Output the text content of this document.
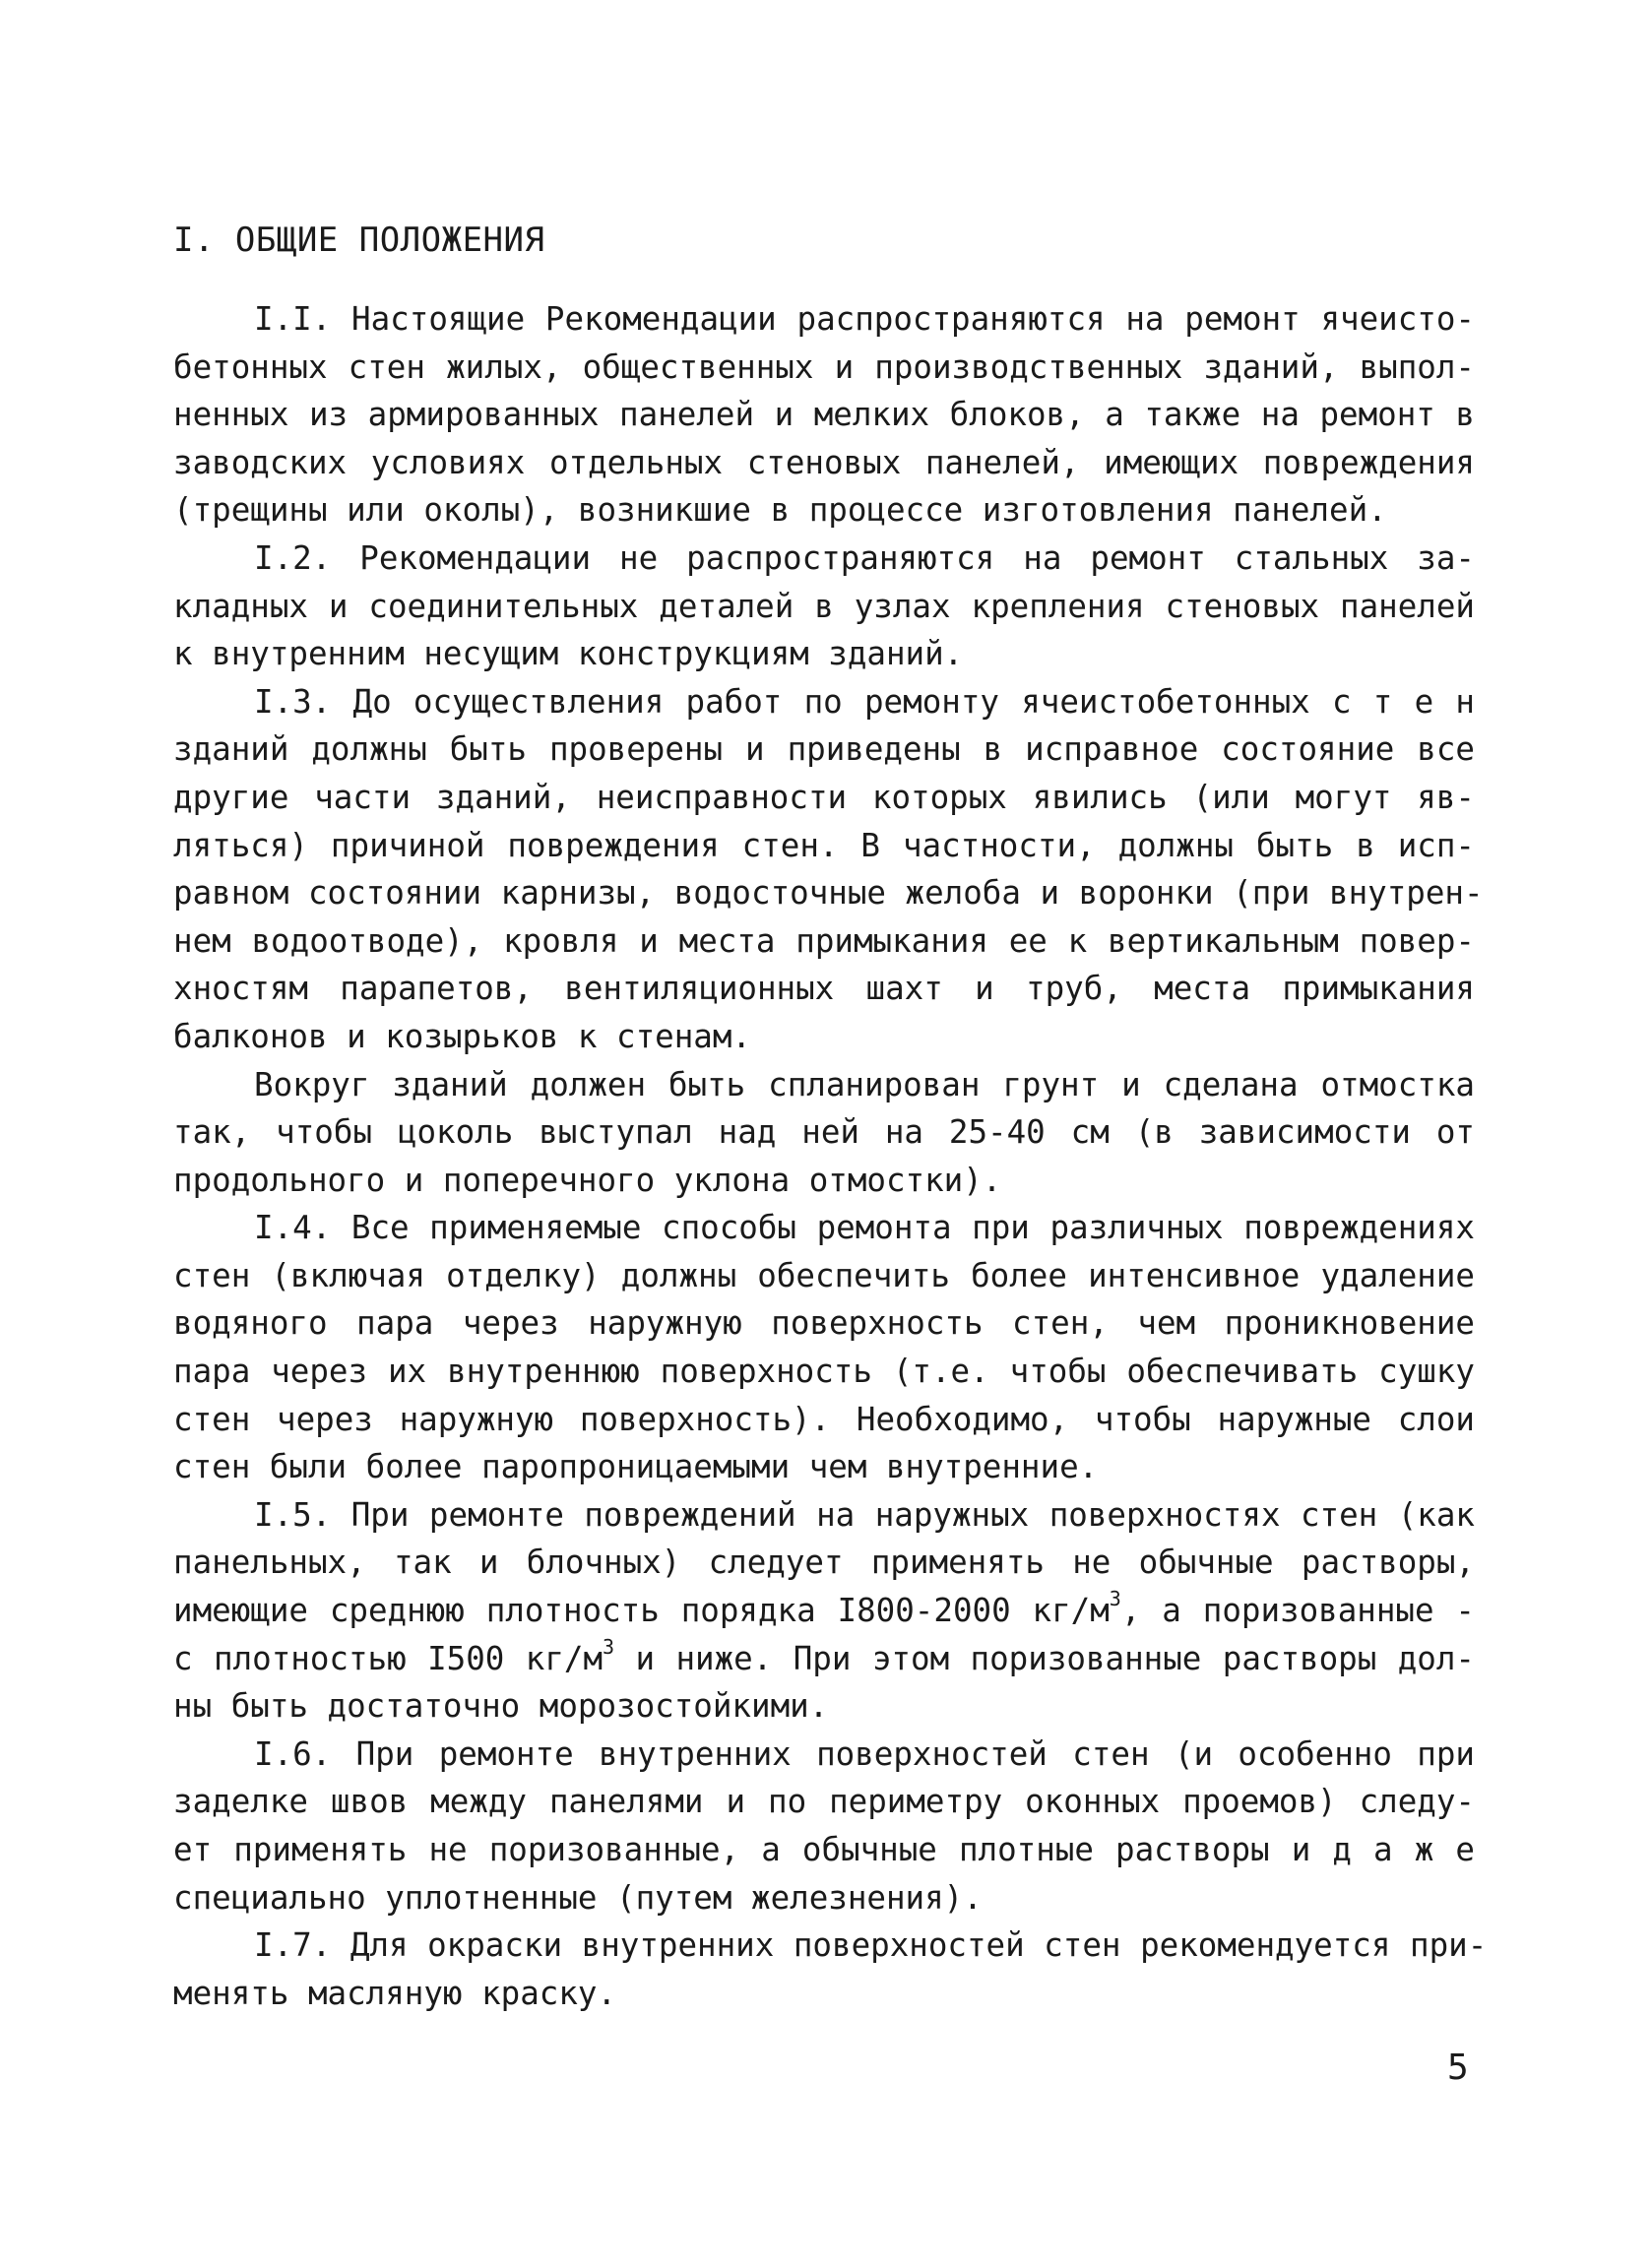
I. ОБЩИЕ ПОЛОЖЕНИЯ
I.I. Настоящие Рекомендации распространяются на ремонт ячеисто-
бетонных стен жилых, общественных и производственных зданий, выпол-
ненных из армированных панелей и мелких блоков, а также на ремонт в
заводских условиях отдельных стеновых панелей, имеющих повреждения
(трещины или околы), возникшие в процессе изготовления панелей.
I.2. Рекомендации не распространяются на ремонт стальных за-
кладных и соединительных деталей в узлах крепления стеновых панелей
к внутренним несущим конструкциям зданий.
I.3. До осуществления работ по ремонту ячеистобетонных с т е н
зданий должны быть проверены и приведены в исправное состояние все
другие части зданий, неисправности которых явились (или могут яв-
ляться) причиной повреждения стен. В частности, должны быть в исп-
равном состоянии карнизы, водосточные желоба и воронки (при внутрен-
нем водоотводе), кровля и места примыкания ее к вертикальным повер-
хностям парапетов, вентиляционных шахт и труб, места примыкания
балконов и козырьков к стенам.
Вокруг зданий должен быть спланирован грунт и сделана отмостка
так, чтобы цоколь выступал над ней на 25-40 см (в зависимости от
продольного и поперечного уклона отмостки).
I.4. Все применяемые способы ремонта при различных повреждениях
стен (включая отделку) должны обеспечить более интенсивное удаление
водяного пара через наружную поверхность стен, чем проникновение
пара через их внутреннюю поверхность (т.е. чтобы обеспечивать сушку
стен через наружную поверхность). Необходимо, чтобы наружные слои
стен были более паропроницаемыми чем внутренние.
I.5. При ремонте повреждений на наружных поверхностях стен (как
панельных, так и блочных) следует применять не обычные растворы,
имеющие среднюю плотность порядка I800-2000 $кг/м^3$, а поризованные -
с плотностью I500 $кг/м^3$ и ниже. При этом поризованные растворы дол-
ны быть достаточно морозостойкими.
I.6. При ремонте внутренних поверхностей стен (и особенно при
заделке швов между панелями и по периметру оконных проемов) следу-
ет применять не поризованные, а обычные плотные растворы и д а ж е
специально уплотненные (путем железнения).
I.7. Для окраски внутренних поверхностей стен рекомендуется при-
менять масляную краску.

5
